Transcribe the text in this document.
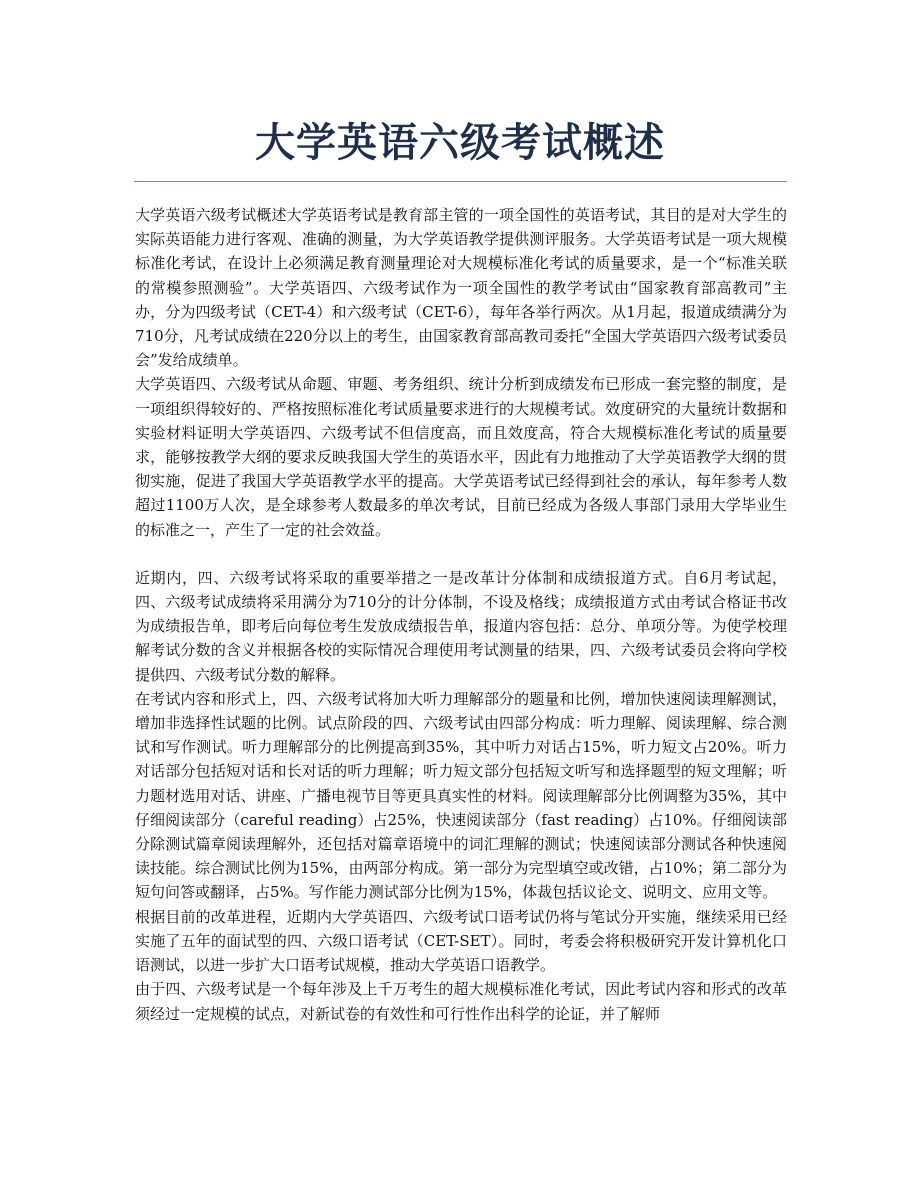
大学英语六级考试概述

大学英语六级考试概述大学英语考试是教育部主管的一项全国性的英语考试，其目的是对大学生的实际英语能力进行客观、准确的测量，为大学英语教学提供测评服务。大学英语考试是一项大规模标准化考试，在设计上必须满足教育测量理论对大规模标准化考试的质量要求，是一个“标准关联的常模参照测验”。大学英语四、六级考试作为一项全国性的教学考试由“国家教育部高教司”主办，分为四级考试（CET-4）和六级考试（CET-6），每年各举行两次。从1月起，报道成绩满分为710分，凡考试成绩在220分以上的考生，由国家教育部高教司委托“全国大学英语四六级考试委员会”发给成绩单。

大学英语四、六级考试从命题、审题、考务组织、统计分析到成绩发布已形成一套完整的制度，是一项组织得较好的、严格按照标准化考试质量要求进行的大规模考试。效度研究的大量统计数据和实验材料证明大学英语四、六级考试不但信度高，而且效度高，符合大规模标准化考试的质量要求，能够按教学大纲的要求反映我国大学生的英语水平，因此有力地推动了大学英语教学大纲的贯彻实施，促进了我国大学英语教学水平的提高。大学英语考试已经得到社会的承认，每年参考人数超过1100万人次，是全球参考人数最多的单次考试，目前已经成为各级人事部门录用大学毕业生的标准之一，产生了一定的社会效益。

近期内，四、六级考试将采取的重要举措之一是改革计分体制和成绩报道方式。自6月考试起，四、六级考试成绩将采用满分为710分的计分体制，不设及格线；成绩报道方式由考试合格证书改为成绩报告单，即考后向每位考生发放成绩报告单，报道内容包括：总分、单项分等。为使学校理解考试分数的含义并根据各校的实际情况合理使用考试测量的结果，四、六级考试委员会将向学校提供四、六级考试分数的解释。

在考试内容和形式上，四、六级考试将加大听力理解部分的题量和比例，增加快速阅读理解测试，增加非选择性试题的比例。试点阶段的四、六级考试由四部分构成：听力理解、阅读理解、综合测试和写作测试。听力理解部分的比例提高到35%，其中听力对话占15%，听力短文占20%。听力对话部分包括短对话和长对话的听力理解；听力短文部分包括短文听写和选择题型的短文理解；听力题材选用对话、讲座、广播电视节目等更具真实性的材料。阅读理解部分比例调整为35%，其中仔细阅读部分（careful reading）占25%，快速阅读部分（fast reading）占10%。仔细阅读部分除测试篇章阅读理解外，还包括对篇章语境中的词汇理解的测试；快速阅读部分测试各种快速阅读技能。综合测试比例为15%，由两部分构成。第一部分为完型填空或改错，占10%；第二部分为短句问答或翻译，占5%。写作能力测试部分比例为15%，体裁包括议论文、说明文、应用文等。

根据目前的改革进程，近期内大学英语四、六级考试口语考试仍将与笔试分开实施，继续采用已经实施了五年的面试型的四、六级口语考试（CET-SET）。同时，考委会将积极研究开发计算机化口语测试，以进一步扩大口语考试规模，推动大学英语口语教学。

由于四、六级考试是一个每年涉及上千万考生的超大规模标准化考试，因此考试内容和形式的改革须经过一定规模的试点，对新试卷的有效性和可行性作出科学的论证，并了解师
